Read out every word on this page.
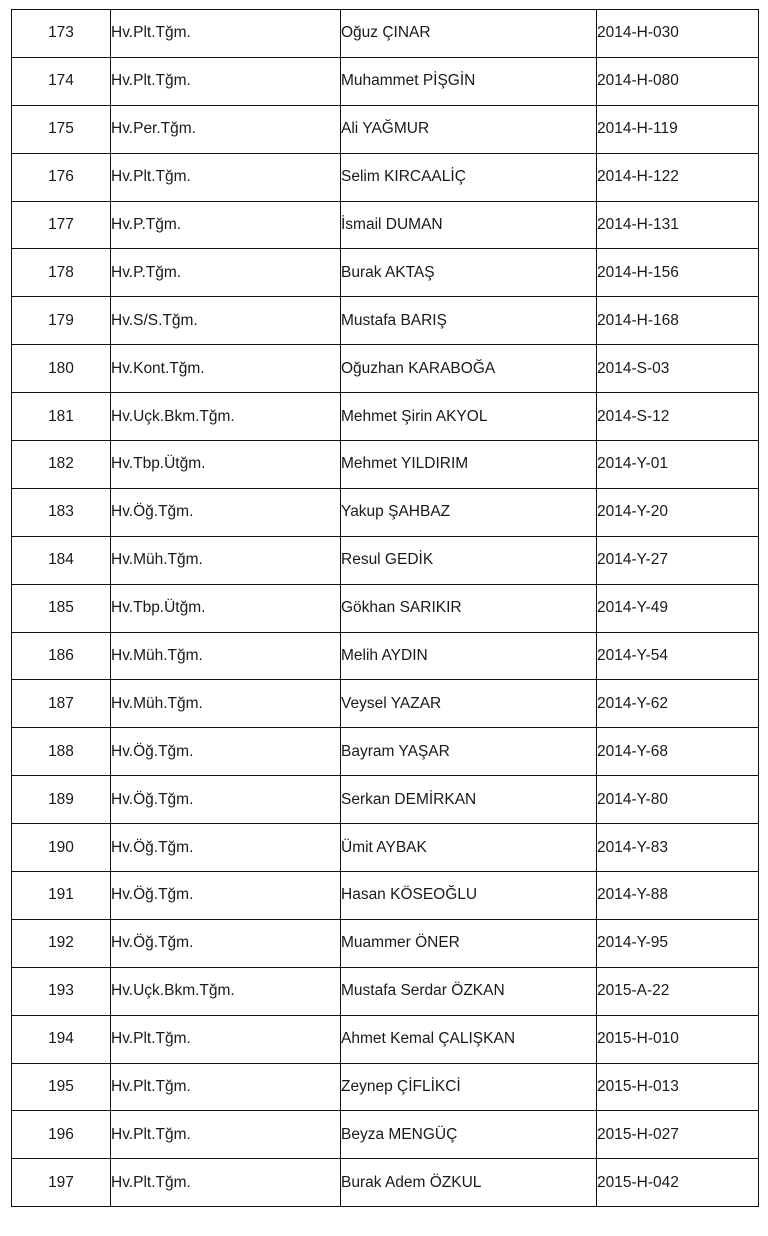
173	Hv.Plt.Tğm.	Oğuz ÇINAR	2014-H-030
174	Hv.Plt.Tğm.	Muhammet PİŞGİN	2014-H-080
175	Hv.Per.Tğm.	Ali YAĞMUR	2014-H-119
176	Hv.Plt.Tğm.	Selim KIRCAALİÇ	2014-H-122
177	Hv.P.Tğm.	İsmail DUMAN	2014-H-131
178	Hv.P.Tğm.	Burak AKTAŞ	2014-H-156
179	Hv.S/S.Tğm.	Mustafa BARIŞ	2014-H-168
180	Hv.Kont.Tğm.	Oğuzhan KARABOĞA	2014-S-03
181	Hv.Uçk.Bkm.Tğm.	Mehmet Şirin AKYOL	2014-S-12
182	Hv.Tbp.Ütğm.	Mehmet YILDIRIM	2014-Y-01
183	Hv.Öğ.Tğm.	Yakup ŞAHBAZ	2014-Y-20
184	Hv.Müh.Tğm.	Resul GEDİK	2014-Y-27
185	Hv.Tbp.Ütğm.	Gökhan SARIKIR	2014-Y-49
186	Hv.Müh.Tğm.	Melih AYDIN	2014-Y-54
187	Hv.Müh.Tğm.	Veysel YAZAR	2014-Y-62
188	Hv.Öğ.Tğm.	Bayram YAŞAR	2014-Y-68
189	Hv.Öğ.Tğm.	Serkan DEMİRKAN	2014-Y-80
190	Hv.Öğ.Tğm.	Ümit AYBAK	2014-Y-83
191	Hv.Öğ.Tğm.	Hasan KÖSEOĞLU	2014-Y-88
192	Hv.Öğ.Tğm.	Muammer ÖNER	2014-Y-95
193	Hv.Uçk.Bkm.Tğm.	Mustafa Serdar ÖZKAN	2015-A-22
194	Hv.Plt.Tğm.	Ahmet Kemal ÇALIŞKAN	2015-H-010
195	Hv.Plt.Tğm.	Zeynep ÇİFLİKCİ	2015-H-013
196	Hv.Plt.Tğm.	Beyza MENGÜÇ	2015-H-027
197	Hv.Plt.Tğm.	Burak Adem ÖZKUL	2015-H-042
